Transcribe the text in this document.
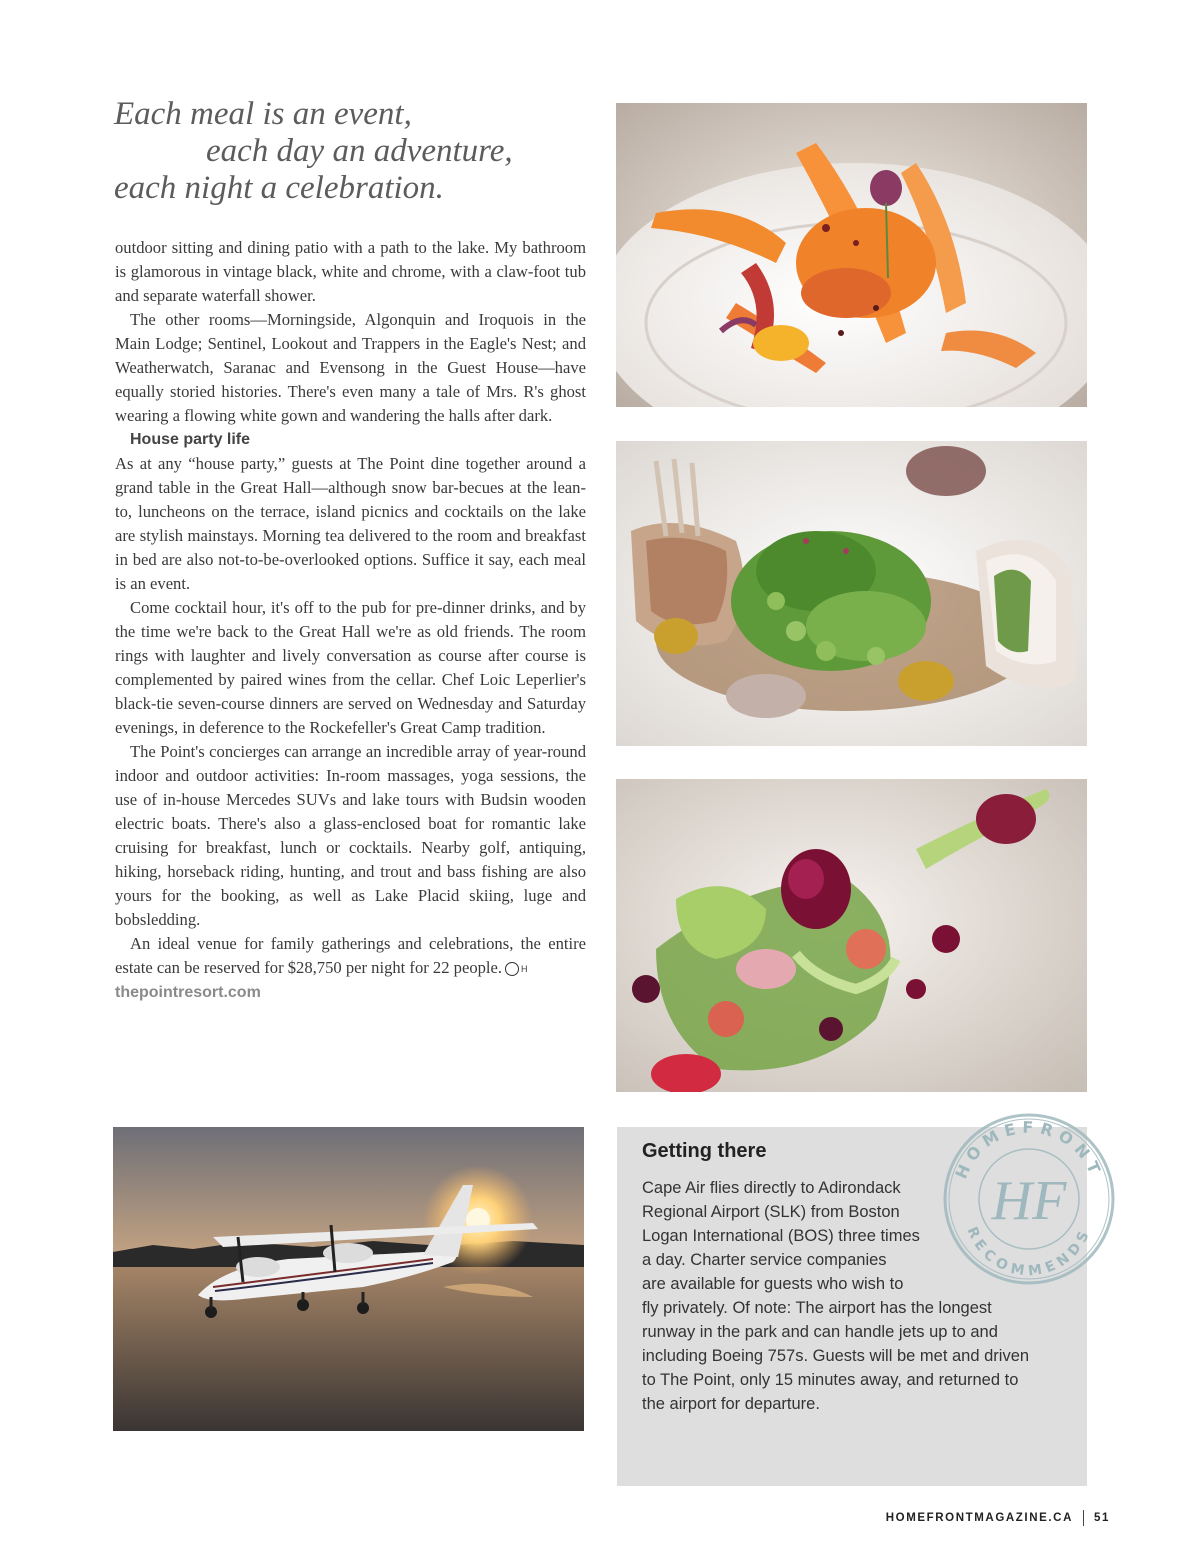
Each meal is an event,
each day an adventure,
each night a celebration.

outdoor sitting and dining patio with a path to the lake. My bathroom is glamorous in vintage black, white and chrome, with a claw-foot tub and separate waterfall shower.

The other rooms—Morningside, Algonquin and Iroquois in the Main Lodge; Sentinel, Lookout and Trappers in the Eagle's Nest; and Weatherwatch, Saranac and Evensong in the Guest House—have equally storied histories. There's even many a tale of Mrs. R's ghost wearing a flowing white gown and wandering the halls after dark.

House party life

As at any “house party,” guests at The Point dine together around a grand table in the Great Hall—although snow bar-becues at the lean-to, luncheons on the terrace, island picnics and cocktails on the lake are stylish mainstays. Morning tea delivered to the room and breakfast in bed are also not-to-be-overlooked options. Suffice it say, each meal is an event.

Come cocktail hour, it's off to the pub for pre-dinner drinks, and by the time we're back to the Great Hall we're as old friends. The room rings with laughter and lively conversation as course after course is complemented by paired wines from the cellar. Chef Loic Leperlier's black-tie seven-course dinners are served on Wednesday and Saturday evenings, in deference to the Rockefeller's Great Camp tradition.

The Point's concierges can arrange an incredible array of year-round indoor and outdoor activities: In-room massages, yoga sessions, the use of in-house Mercedes SUVs and lake tours with Budsin wooden electric boats. There's also a glass-enclosed boat for romantic lake cruising for breakfast, lunch or cocktails. Nearby golf, antiquing, hiking, horseback riding, hunting, and trout and bass fishing are also yours for the booking, as well as Lake Placid skiing, luge and bobsledding.

An ideal venue for family gatherings and celebrations, the entire estate can be reserved for $28,750 per night for 22 people. H

thepointresort.com

Getting there
Cape Air flies directly to Adirondack
Regional Airport (SLK) from Boston
Logan International (BOS) three times
a day. Charter service companies
are available for guests who wish to
fly privately. Of note: The airport has the longest
runway in the park and can handle jets up to and
including Boeing 757s. Guests will be met and driven
to The Point, only 15 minutes away, and returned to
the airport for departure.
HOMEFRONT
RECOMMENDS
HF
HOMEFRONTMAGAZINE.CA 51
